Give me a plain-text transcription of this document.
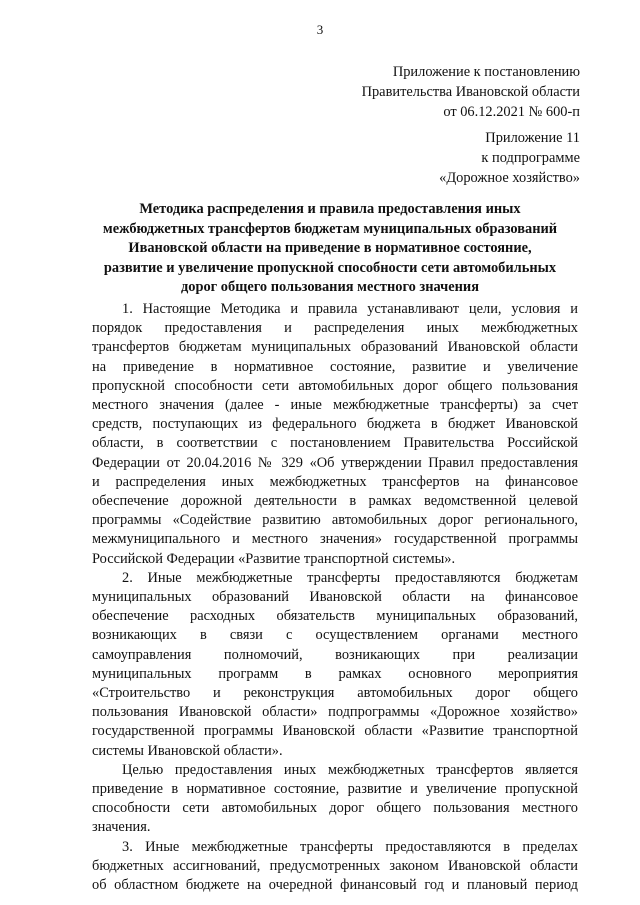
3
Приложение к постановлению
Правительства Ивановской области
от 06.12.2021 № 600-п
Приложение 11
к подпрограмме
«Дорожное хозяйство»
Методика распределения и правила предоставления иных
межбюджетных трансфертов бюджетам муниципальных образований
Ивановской области на приведение в нормативное состояние,
развитие и увеличение пропускной способности сети автомобильных
дорог общего пользования местного значения
1. Настоящие Методика и правила устанавливают цели, условия и
порядок предоставления и распределения иных межбюджетных
трансфертов бюджетам муниципальных образований Ивановской области
на приведение в нормативное состояние, развитие и увеличение
пропускной способности сети автомобильных дорог общего пользования
местного значения (далее - иные межбюджетные трансферты) за счет
средств, поступающих из федерального бюджета в бюджет Ивановской
области, в соответствии с постановлением Правительства Российской
Федерации от 20.04.2016 № 329 «Об утверждении Правил предоставления
и распределения иных межбюджетных трансфертов на финансовое
обеспечение дорожной деятельности в рамках ведомственной целевой
программы «Содействие развитию автомобильных дорог регионального,
межмуниципального и местного значения» государственной программы
Российской Федерации «Развитие транспортной системы».
2. Иные межбюджетные трансферты предоставляются бюджетам
муниципальных образований Ивановской области на финансовое
обеспечение расходных обязательств муниципальных образований,
возникающих в связи с осуществлением органами местного
самоуправления полномочий, возникающих при реализации
муниципальных программ в рамках основного мероприятия
«Строительство и реконструкция автомобильных дорог общего
пользования Ивановской области» подпрограммы «Дорожное хозяйство»
государственной программы Ивановской области «Развитие транспортной
системы Ивановской области».
Целью предоставления иных межбюджетных трансфертов является
приведение в нормативное состояние, развитие и увеличение пропускной
способности сети автомобильных дорог общего пользования местного
значения.
3. Иные межбюджетные трансферты предоставляются в пределах
бюджетных ассигнований, предусмотренных законом Ивановской области
об областном бюджете на очередной финансовый год и плановый период
